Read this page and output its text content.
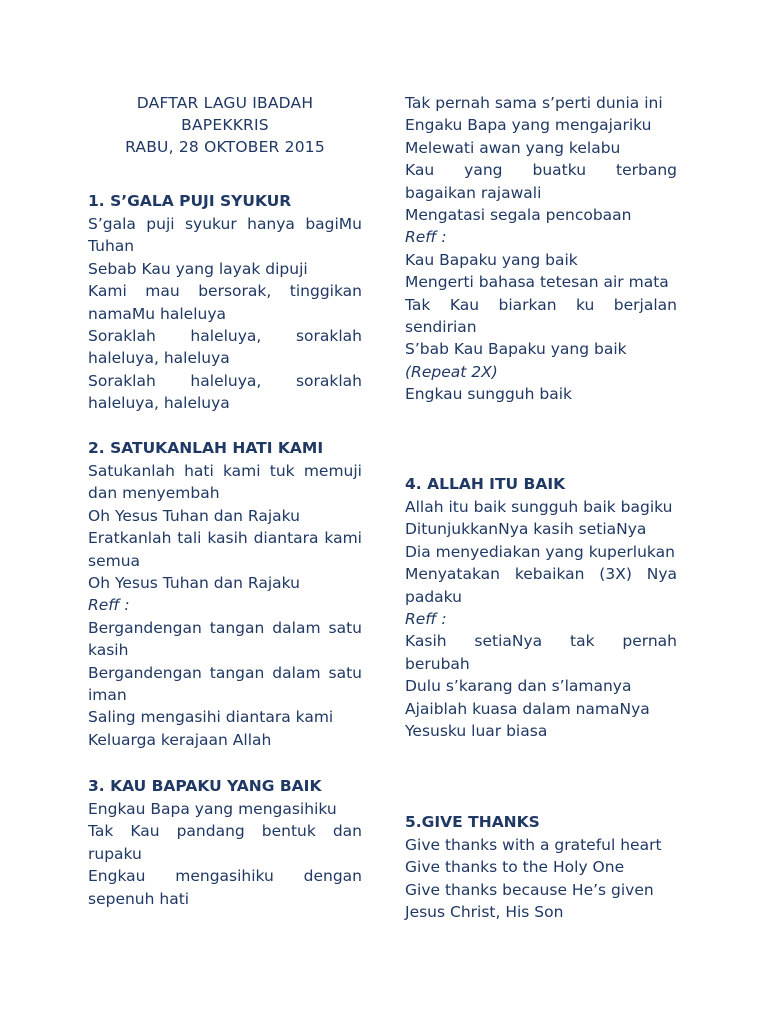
DAFTAR LAGU IBADAH
BAPEKKRIS
RABU, 28 OKTOBER 2015
1. S’GALA PUJI SYUKUR
S’gala puji syukur hanya bagiMu Tuhan
Sebab Kau yang layak dipuji
Kami mau bersorak, tinggikan namaMu haleluya
Soraklah haleluya, soraklah haleluya, haleluya
Soraklah haleluya, soraklah haleluya, haleluya
2. SATUKANLAH HATI KAMI
Satukanlah hati kami tuk memuji dan menyembah
Oh Yesus Tuhan dan Rajaku
Eratkanlah tali kasih diantara kami semua
Oh Yesus Tuhan dan Rajaku
Reff :
Bergandengan tangan dalam satu kasih
Bergandengan tangan dalam satu iman
Saling mengasihi diantara kami
Keluarga kerajaan Allah
3. KAU BAPAKU YANG BAIK
Engkau Bapa yang mengasihiku
Tak Kau pandang bentuk dan rupaku
Engkau mengasihiku dengan sepenuh hati
Tak pernah sama s’perti dunia ini
Engaku Bapa yang mengajariku
Melewati awan yang kelabu
Kau yang buatku terbang bagaikan rajawali
Mengatasi segala pencobaan
Reff :
Kau Bapaku yang baik
Mengerti bahasa tetesan air mata
Tak Kau biarkan ku berjalan sendirian
S’bab Kau Bapaku yang baik
(Repeat 2X)
Engkau sungguh baik
4. ALLAH ITU BAIK
Allah itu baik sungguh baik bagiku
DitunjukkanNya kasih setiaNya
Dia menyediakan yang kuperlukan
Menyatakan kebaikan (3X) Nya padaku
Reff :
Kasih setiaNya tak pernah berubah
Dulu s’karang dan s’lamanya
Ajaiblah kuasa dalam namaNya
Yesusku luar biasa
5.GIVE THANKS
Give thanks with a grateful heart
Give thanks to the Holy One
Give thanks because He’s given
Jesus Christ, His Son
